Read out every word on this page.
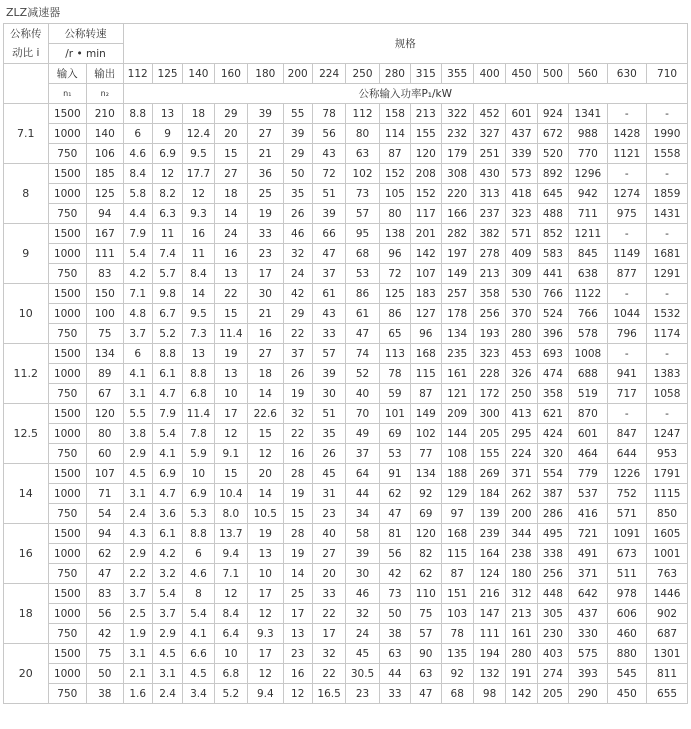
ZLZ减速器
公称传
动比 i	公称转速		规格																
	/r • min																		
	输入	输出	112	125	140	160	180	200	224	250	280	315	355	400	450	500	560	630	710
	n₁	n₂	公称输入功率P₁/kW																
7.1	1500	210	8.8	13	18	29	39	55	78	112	158	213	322	452	601	924	1341	-	-
	1000	140	6	9	12.4	20	27	39	56	80	114	155	232	327	437	672	988	1428	1990
	750	106	4.6	6.9	9.5	15	21	29	43	63	87	120	179	251	339	520	770	1121	1558
8	1500	185	8.4	12	17.7	27	36	50	72	102	152	208	308	430	573	892	1296	-	-
	1000	125	5.8	8.2	12	18	25	35	51	73	105	152	220	313	418	645	942	1274	1859
	750	94	4.4	6.3	9.3	14	19	26	39	57	80	117	166	237	323	488	711	975	1431
9	1500	167	7.9	11	16	24	33	46	66	95	138	201	282	382	571	852	1211	-	-
	1000	111	5.4	7.4	11	16	23	32	47	68	96	142	197	278	409	583	845	1149	1681
	750	83	4.2	5.7	8.4	13	17	24	37	53	72	107	149	213	309	441	638	877	1291
10	1500	150	7.1	9.8	14	22	30	42	61	86	125	183	257	358	530	766	1122	-	-
	1000	100	4.8	6.7	9.5	15	21	29	43	61	86	127	178	256	370	524	766	1044	1532
	750	75	3.7	5.2	7.3	11.4	16	22	33	47	65	96	134	193	280	396	578	796	1174
11.2	1500	134	6	8.8	13	19	27	37	57	74	113	168	235	323	453	693	1008	-	-
	1000	89	4.1	6.1	8.8	13	18	26	39	52	78	115	161	228	326	474	688	941	1383
	750	67	3.1	4.7	6.8	10	14	19	30	40	59	87	121	172	250	358	519	717	1058
12.5	1500	120	5.5	7.9	11.4	17	22.6	32	51	70	101	149	209	300	413	621	870	-	-
	1000	80	3.8	5.4	7.8	12	15	22	35	49	69	102	144	205	295	424	601	847	1247
	750	60	2.9	4.1	5.9	9.1	12	16	26	37	53	77	108	155	224	320	464	644	953
14	1500	107	4.5	6.9	10	15	20	28	45	64	91	134	188	269	371	554	779	1226	1791
	1000	71	3.1	4.7	6.9	10.4	14	19	31	44	62	92	129	184	262	387	537	752	1115
	750	54	2.4	3.6	5.3	8.0	10.5	15	23	34	47	69	97	139	200	286	416	571	850
16	1500	94	4.3	6.1	8.8	13.7	19	28	40	58	81	120	168	239	344	495	721	1091	1605
	1000	62	2.9	4.2	6	9.4	13	19	27	39	56	82	115	164	238	338	491	673	1001
	750	47	2.2	3.2	4.6	7.1	10	14	20	30	42	62	87	124	180	256	371	511	763
18	1500	83	3.7	5.4	8	12	17	25	33	46	73	110	151	216	312	448	642	978	1446
	1000	56	2.5	3.7	5.4	8.4	12	17	22	32	50	75	103	147	213	305	437	606	902
	750	42	1.9	2.9	4.1	6.4	9.3	13	17	24	38	57	78	111	161	230	330	460	687
20	1500	75	3.1	4.5	6.6	10	17	23	32	45	63	90	135	194	280	403	575	880	1301
	1000	50	2.1	3.1	4.5	6.8	12	16	22	30.5	44	63	92	132	191	274	393	545	811
	750	38	1.6	2.4	3.4	5.2	9.4	12	16.5	23	33	47	68	98	142	205	290	450	655
